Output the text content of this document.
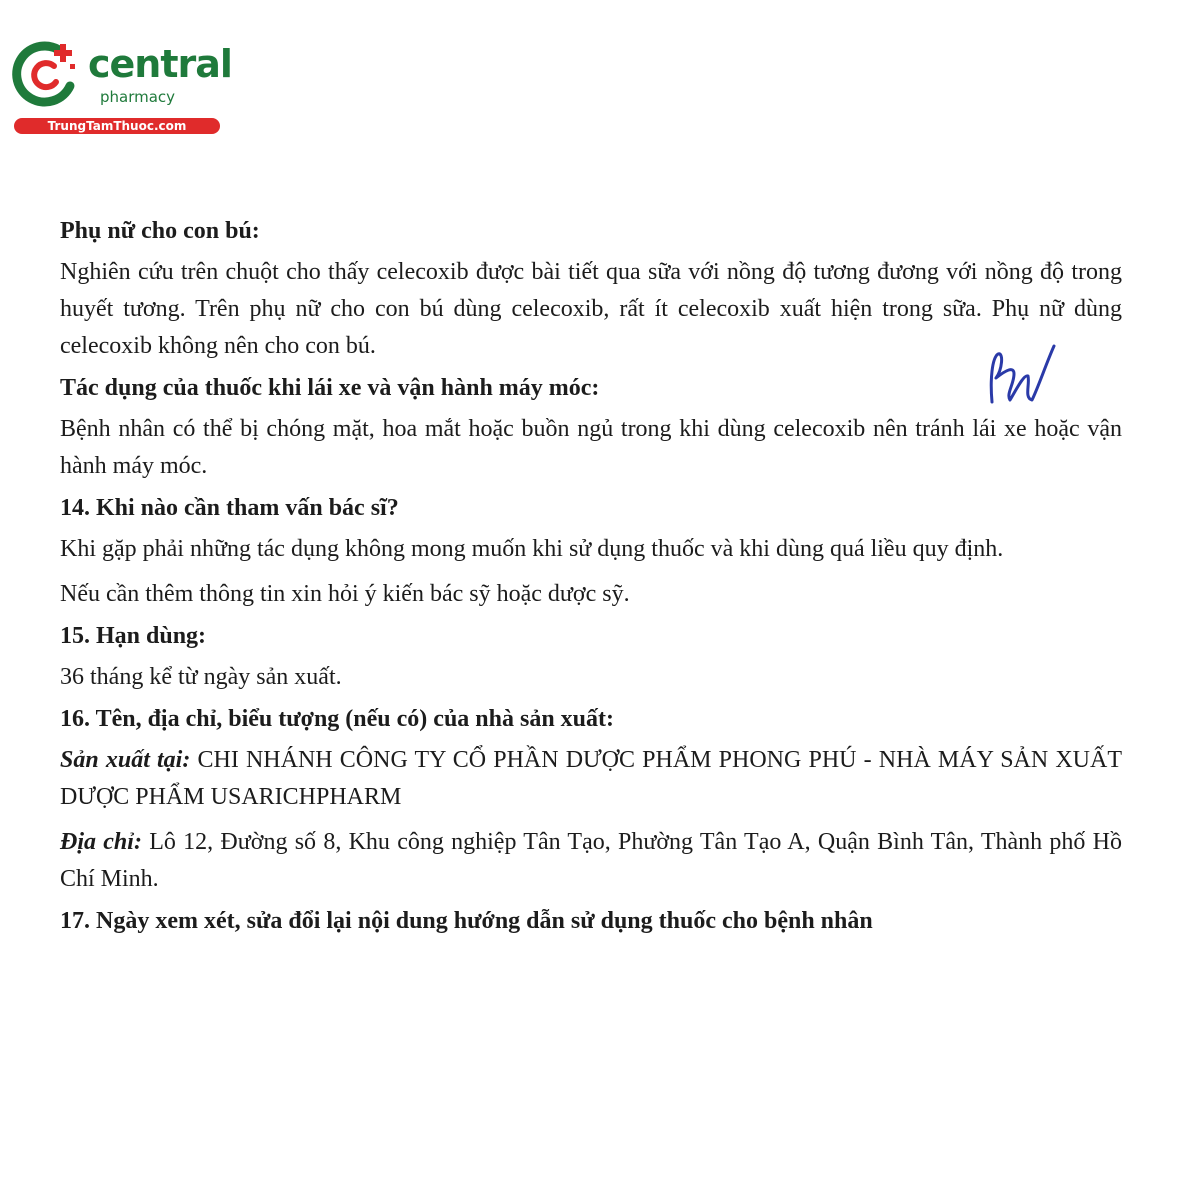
central
pharmacy
TrungTamThuoc.com
Phụ nữ cho con bú:
Nghiên cứu trên chuột cho thấy celecoxib được bài tiết qua sữa với nồng độ tương đương với nồng độ trong huyết tương. Trên phụ nữ cho con bú dùng celecoxib, rất ít celecoxib xuất hiện trong sữa. Phụ nữ dùng celecoxib không nên cho con bú.
Tác dụng của thuốc khi lái xe và vận hành máy móc:
Bệnh nhân có thể bị chóng mặt, hoa mắt hoặc buồn ngủ trong khi dùng celecoxib nên tránh lái xe hoặc vận hành máy móc.
14. Khi nào cần tham vấn bác sĩ?
Khi gặp phải những tác dụng không mong muốn khi sử dụng thuốc và khi dùng quá liều quy định.
Nếu cần thêm thông tin xin hỏi ý kiến bác sỹ hoặc dược sỹ.
15. Hạn dùng:
36 tháng kể từ ngày sản xuất.
16. Tên, địa chỉ, biểu tượng (nếu có) của nhà sản xuất:
Sản xuất tại: CHI NHÁNH CÔNG TY CỔ PHẦN DƯỢC PHẨM PHONG PHÚ - NHÀ MÁY SẢN XUẤT DƯỢC PHẨM USARICHPHARM
Địa chỉ: Lô 12, Đường số 8, Khu công nghiệp Tân Tạo, Phường Tân Tạo A, Quận Bình Tân, Thành phố Hồ Chí Minh.
17. Ngày xem xét, sửa đổi lại nội dung hướng dẫn sử dụng thuốc cho bệnh nhân
